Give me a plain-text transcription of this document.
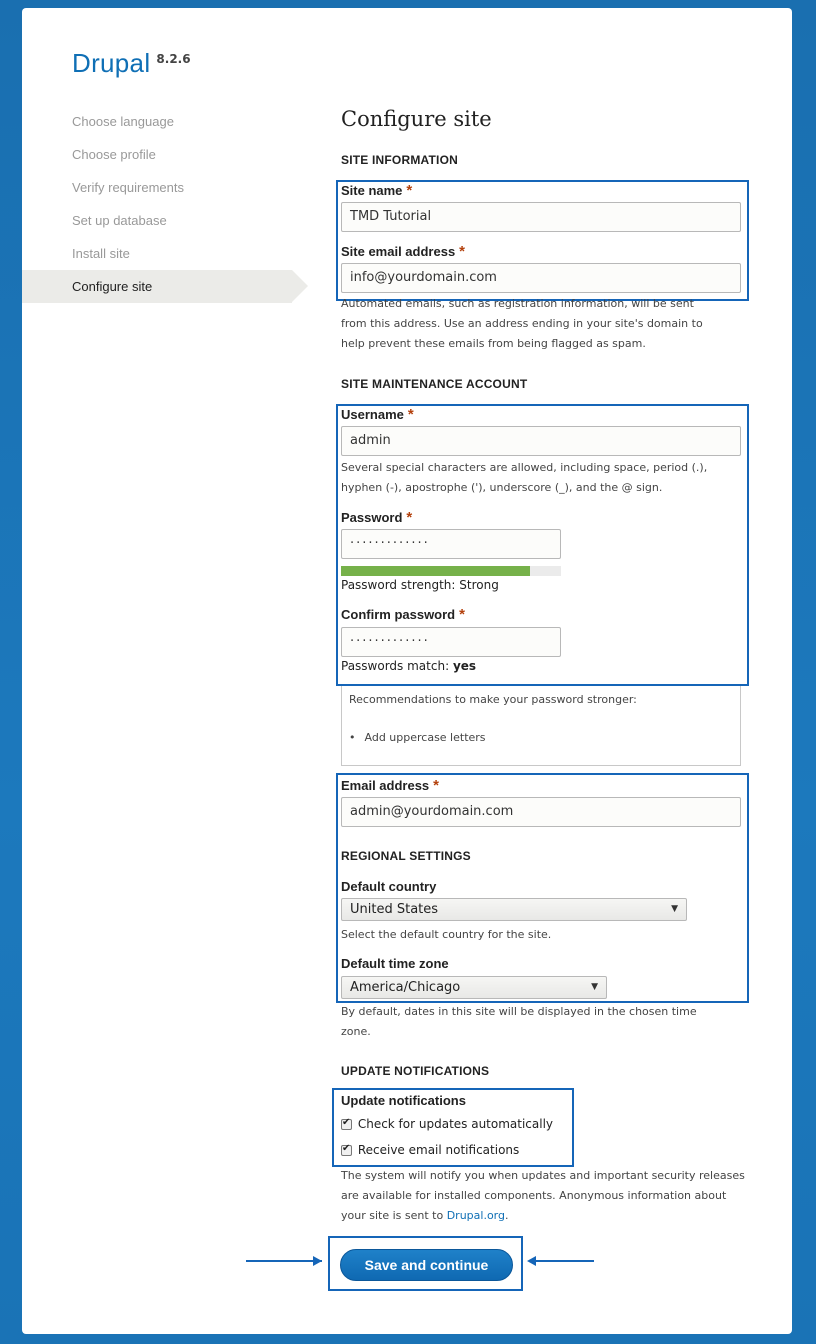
Drupal $^{8.2.6}$
Choose language
Choose profile
Verify requirements
Set up database
Install site
Configure site
Configure site
SITE INFORMATION
Site name *
TMD Tutorial
Site email address *
info@yourdomain.com
Automated emails, such as registration information, will be sent
from this address. Use an address ending in your site's domain to
help prevent these emails from being flagged as spam.
SITE MAINTENANCE ACCOUNT
Username *
admin
Several special characters are allowed, including space, period (.),
hyphen (-), apostrophe ('), underscore (_), and the @ sign.
Password *
·············
Password strength: Strong
Confirm password *
·············
Passwords match: yes
Recommendations to make your password stronger:
• Add uppercase letters
Email address *
admin@yourdomain.com
REGIONAL SETTINGS
Default country
United States	▼
Select the default country for the site.
Default time zone
America/Chicago	▼
By default, dates in this site will be displayed in the chosen time
zone.
UPDATE NOTIFICATIONS
Update notifications
✔ Check for updates automatically
✔ Receive email notifications
The system will notify you when updates and important security releases
are available for installed components. Anonymous information about
your site is sent to Drupal.org.
Save and continue
